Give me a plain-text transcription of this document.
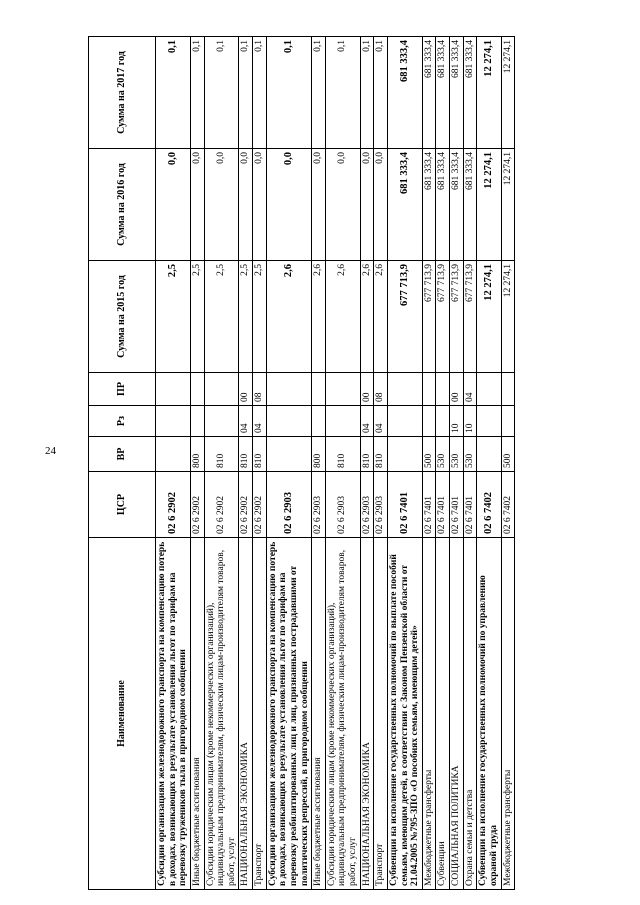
24
Наименование	ЦСР	ВР	Рз	ПР	Сумма на 2015 год	Сумма на 2016 год	Сумма на 2017 год
Субсидии организациям железнодорожного транспорта на компенсацию потерь в доходах, возникающих в результате установления льгот по тарифам на перевозку тружеников тыла в пригородном сообщении	02 6 2902				2,5	0,0	0,1
Иные бюджетные ассигнования	02 6 2902	800			2,5	0,0	0,1
Субсидии юридическим лицам (кроме некоммерческих организаций), индивидуальным предпринимателям, физическим лицам-производителям товаров, работ, услуг	02 6 2902	810			2,5	0,0	0,1
НАЦИОНАЛЬНАЯ ЭКОНОМИКА	02 6 2902	810	04	00	2,5	0,0	0,1
Транспорт	02 6 2902	810	04	08	2,5	0,0	0,1
Субсидии организациям железнодорожного транспорта на компенсацию потерь в доходах, возникающих в результате установления льгот по тарифам на перевозку реабилитированных лиц и лиц, признанных пострадавшими от политических репрессий, в пригородном сообщении	02 6 2903				2,6	0,0	0,1
Иные бюджетные ассигнования	02 6 2903	800			2,6	0,0	0,1
Субсидии юридическим лицам (кроме некоммерческих организаций), индивидуальным предпринимателям, физическим лицам-производителям товаров, работ, услуг	02 6 2903	810			2,6	0,0	0,1
НАЦИОНАЛЬНАЯ ЭКОНОМИКА	02 6 2903	810	04	00	2,6	0,0	0,1
Транспорт	02 6 2903	810	04	08	2,6	0,0	0,1
Субвенции на исполнение государственных полномочий по выплате пособий семьям, имеющим детей, в соответствии с Законом Пензенской области от 21.04.2005 №795-ЗПО «О пособиях семьям, имеющим детей»	02 6 7401				677 713,9	681 333,4	681 333,4
Межбюджетные трансферты	02 6 7401	500			677 713,9	681 333,4	681 333,4
Субвенции	02 6 7401	530			677 713,9	681 333,4	681 333,4
СОЦИАЛЬНАЯ ПОЛИТИКА	02 6 7401	530	10	00	677 713,9	681 333,4	681 333,4
Охрана семьи и детства	02 6 7401	530	10	04	677 713,9	681 333,4	681 333,4
Субвенции на исполнение государственных полномочий по управлению охраной труда	02 6 7402				12 274,1	12 274,1	12 274,1
Межбюджетные трансферты	02 6 7402	500			12 274,1	12 274,1	12 274,1
